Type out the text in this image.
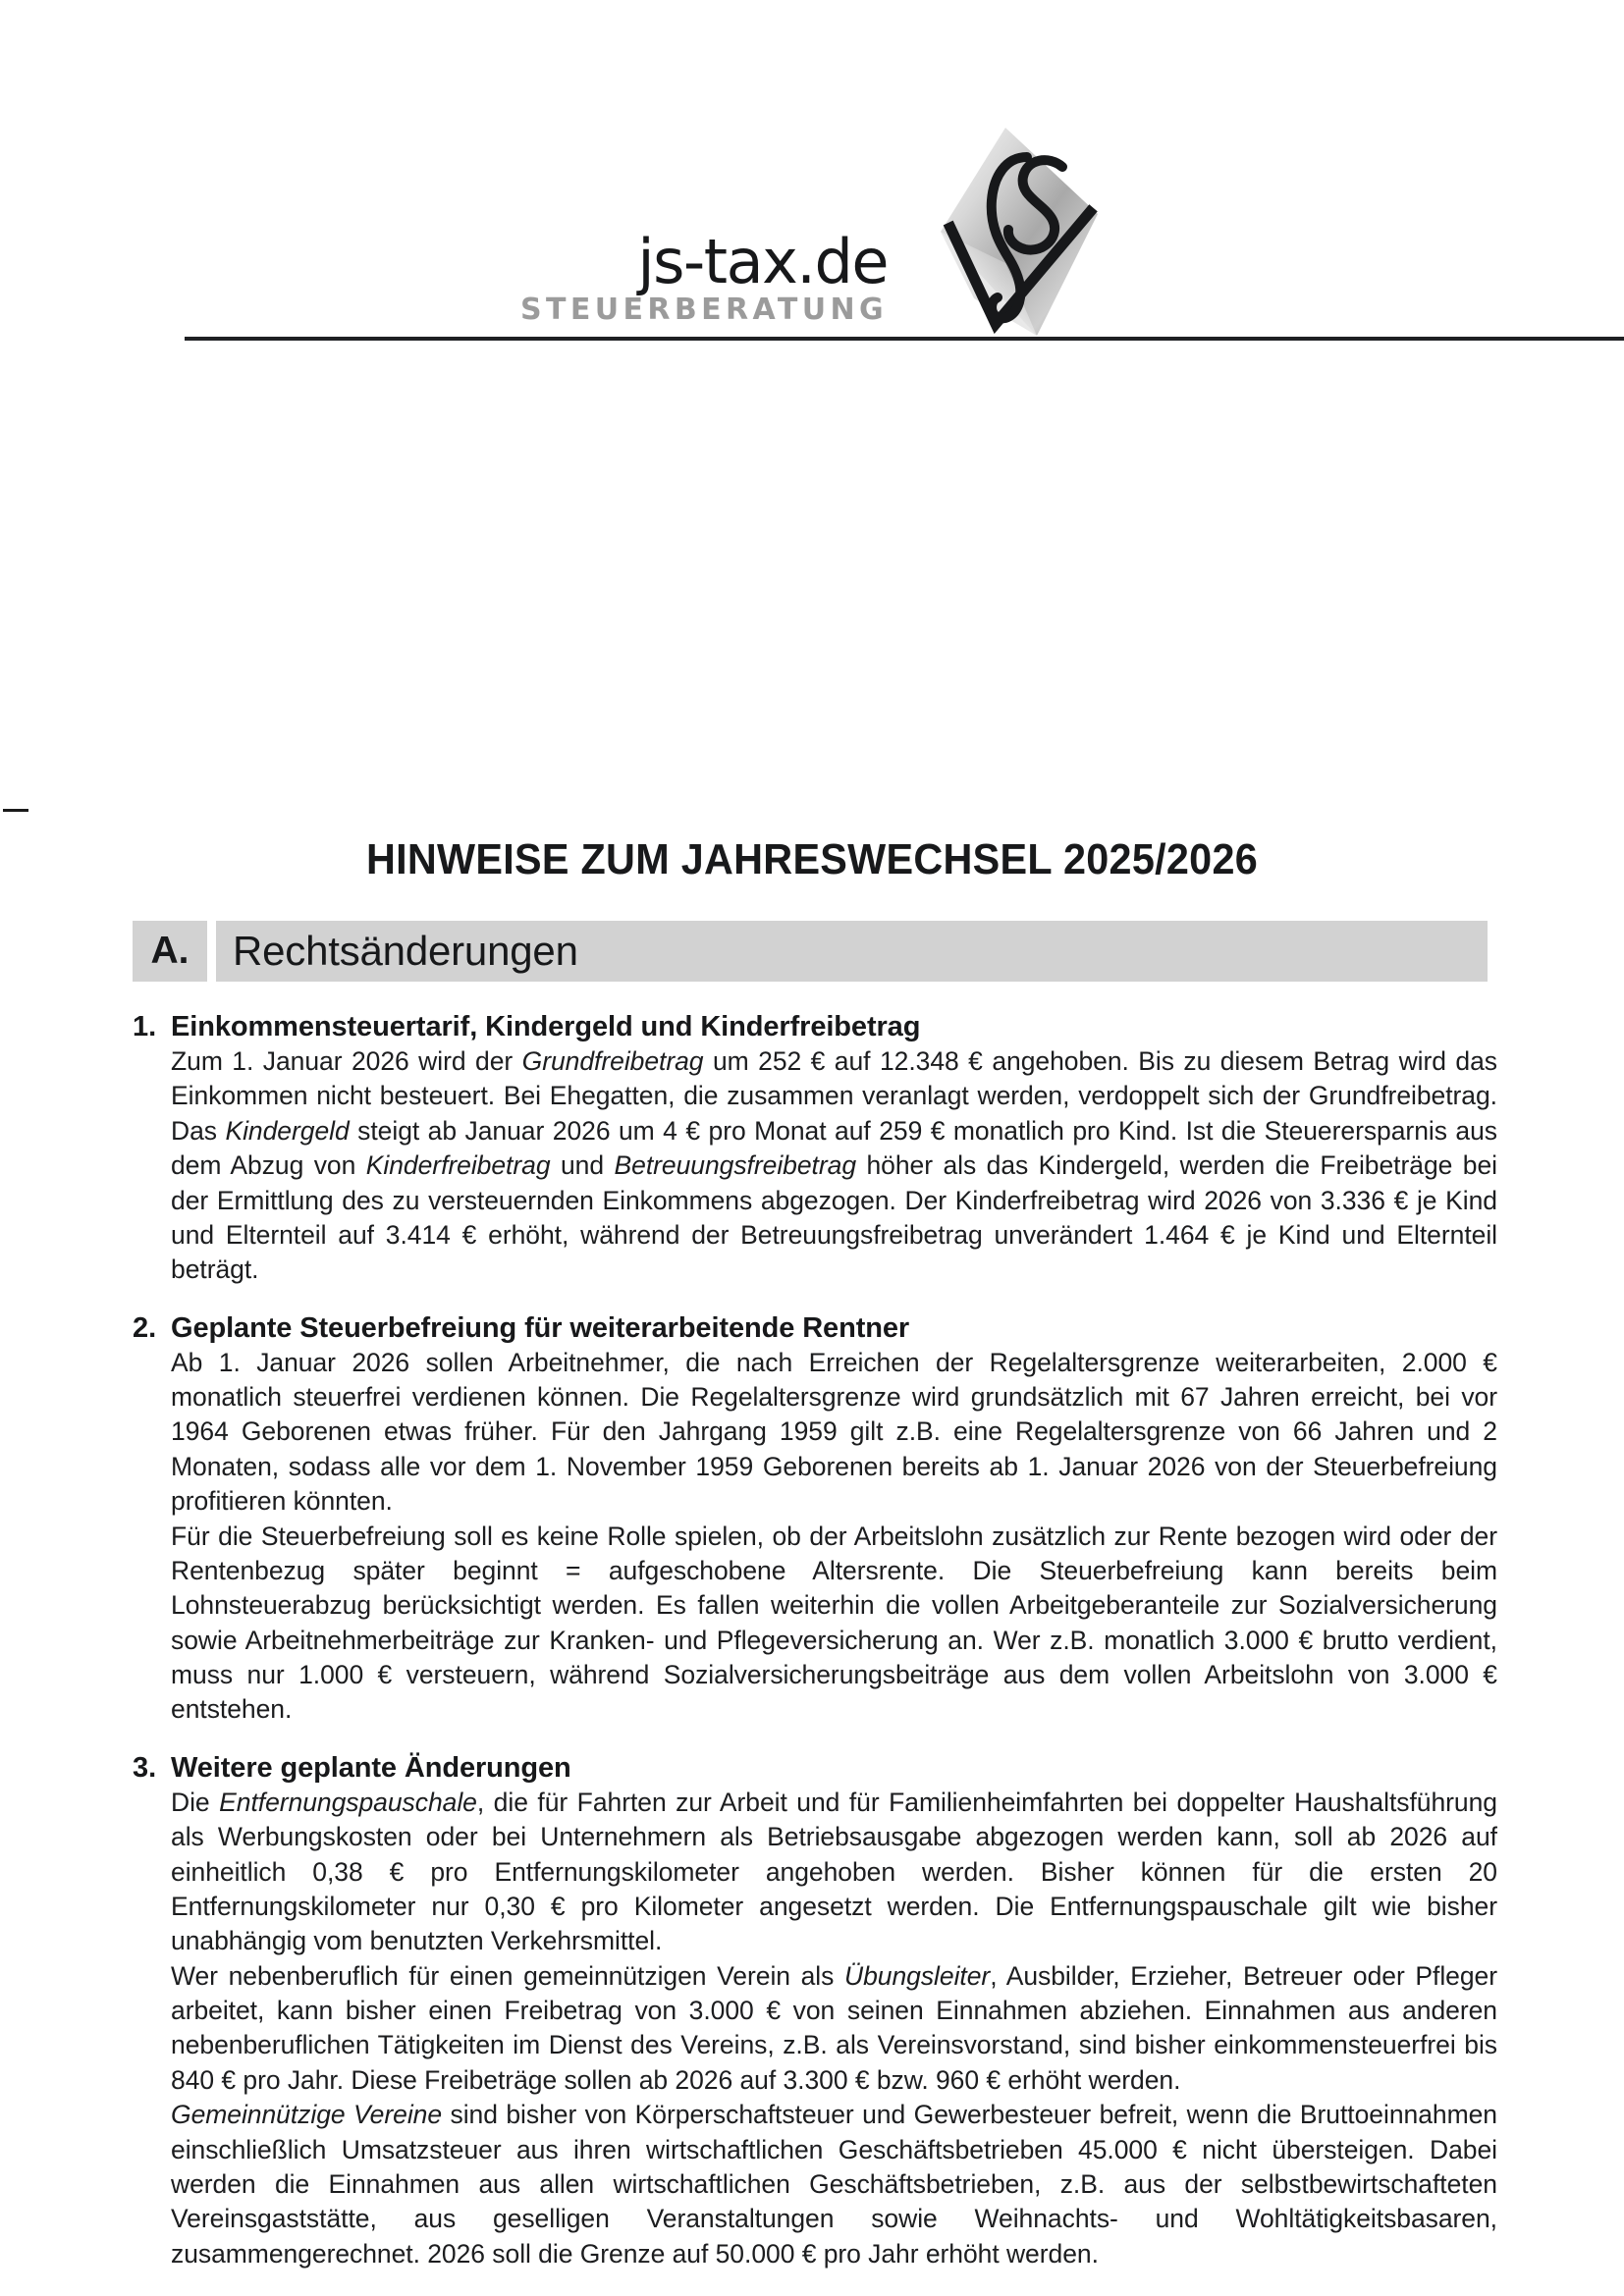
js-tax.de
STEUERBERATUNG
HINWEISE ZUM JAHRESWECHSEL 2025/2026
A.	Rechtsänderungen
1. Einkommensteuertarif, Kindergeld und Kinderfreibetrag

Zum 1. Januar 2026 wird der Grundfreibetrag um 252 € auf 12.348 € angehoben. Bis zu diesem Betrag wird das Einkommen nicht besteuert. Bei Ehegatten, die zusammen veranlagt werden, verdoppelt sich der Grundfreibetrag. Das Kindergeld steigt ab Januar 2026 um 4 € pro Monat auf 259 € monatlich pro Kind. Ist die Steuerersparnis aus dem Abzug von Kinderfreibetrag und Betreuungsfreibetrag höher als das Kindergeld, werden die Freibeträge bei der Ermittlung des zu versteuernden Einkommens abgezogen. Der Kinderfreibetrag wird 2026 von 3.336 € je Kind und Elternteil auf 3.414 € erhöht, während der Betreuungsfreibetrag unverändert 1.464 € je Kind und Elternteil beträgt.

2. Geplante Steuerbefreiung für weiterarbeitende Rentner

Ab 1. Januar 2026 sollen Arbeitnehmer, die nach Erreichen der Regelaltersgrenze weiterarbeiten, 2.000 € monatlich steuerfrei verdienen können. Die Regelaltersgrenze wird grundsätzlich mit 67 Jahren erreicht, bei vor 1964 Geborenen etwas früher. Für den Jahrgang 1959 gilt z.B. eine Regelaltersgrenze von 66 Jahren und 2 Monaten, sodass alle vor dem 1. November 1959 Geborenen bereits ab 1. Januar 2026 von der Steuerbefreiung profitieren könnten.

Für die Steuerbefreiung soll es keine Rolle spielen, ob der Arbeitslohn zusätzlich zur Rente bezogen wird oder der Rentenbezug später beginnt = aufgeschobene Altersrente. Die Steuerbefreiung kann bereits beim Lohnsteuerabzug berücksichtigt werden. Es fallen weiterhin die vollen Arbeitgeberanteile zur Sozialversicherung sowie Arbeitnehmerbeiträge zur Kranken- und Pflegeversicherung an. Wer z.B. monatlich 3.000 € brutto verdient, muss nur 1.000 € versteuern, während Sozialversicherungsbeiträge aus dem vollen Arbeitslohn von 3.000 € entstehen.

3. Weitere geplante Änderungen

Die Entfernungspauschale, die für Fahrten zur Arbeit und für Familienheimfahrten bei doppelter Haushaltsführung als Werbungskosten oder bei Unternehmern als Betriebsausgabe abgezogen werden kann, soll ab 2026 auf einheitlich 0,38 € pro Entfernungskilometer angehoben werden. Bisher können für die ersten 20 Entfernungskilometer nur 0,30 € pro Kilometer angesetzt werden. Die Entfernungspauschale gilt wie bisher unabhängig vom benutzten Verkehrsmittel.

Wer nebenberuflich für einen gemeinnützigen Verein als Übungsleiter, Ausbilder, Erzieher, Betreuer oder Pfleger arbeitet, kann bisher einen Freibetrag von 3.000 € von seinen Einnahmen abziehen. Einnahmen aus anderen nebenberuflichen Tätigkeiten im Dienst des Vereins, z.B. als Vereinsvorstand, sind bisher einkommensteuerfrei bis 840 € pro Jahr. Diese Freibeträge sollen ab 2026 auf 3.300 € bzw. 960 € erhöht werden.

Gemeinnützige Vereine sind bisher von Körperschaftsteuer und Gewerbesteuer befreit, wenn die Bruttoeinnahmen einschließlich Umsatzsteuer aus ihren wirtschaftlichen Geschäftsbetrieben 45.000 € nicht übersteigen. Dabei werden die Einnahmen aus allen wirtschaftlichen Geschäftsbetrieben, z.B. aus der selbstbewirtschafteten Vereinsgaststätte, aus geselligen Veranstaltungen sowie Weihnachts- und Wohltätigkeitsbasaren, zusammengerechnet. 2026 soll die Grenze auf 50.000 € pro Jahr erhöht werden.
